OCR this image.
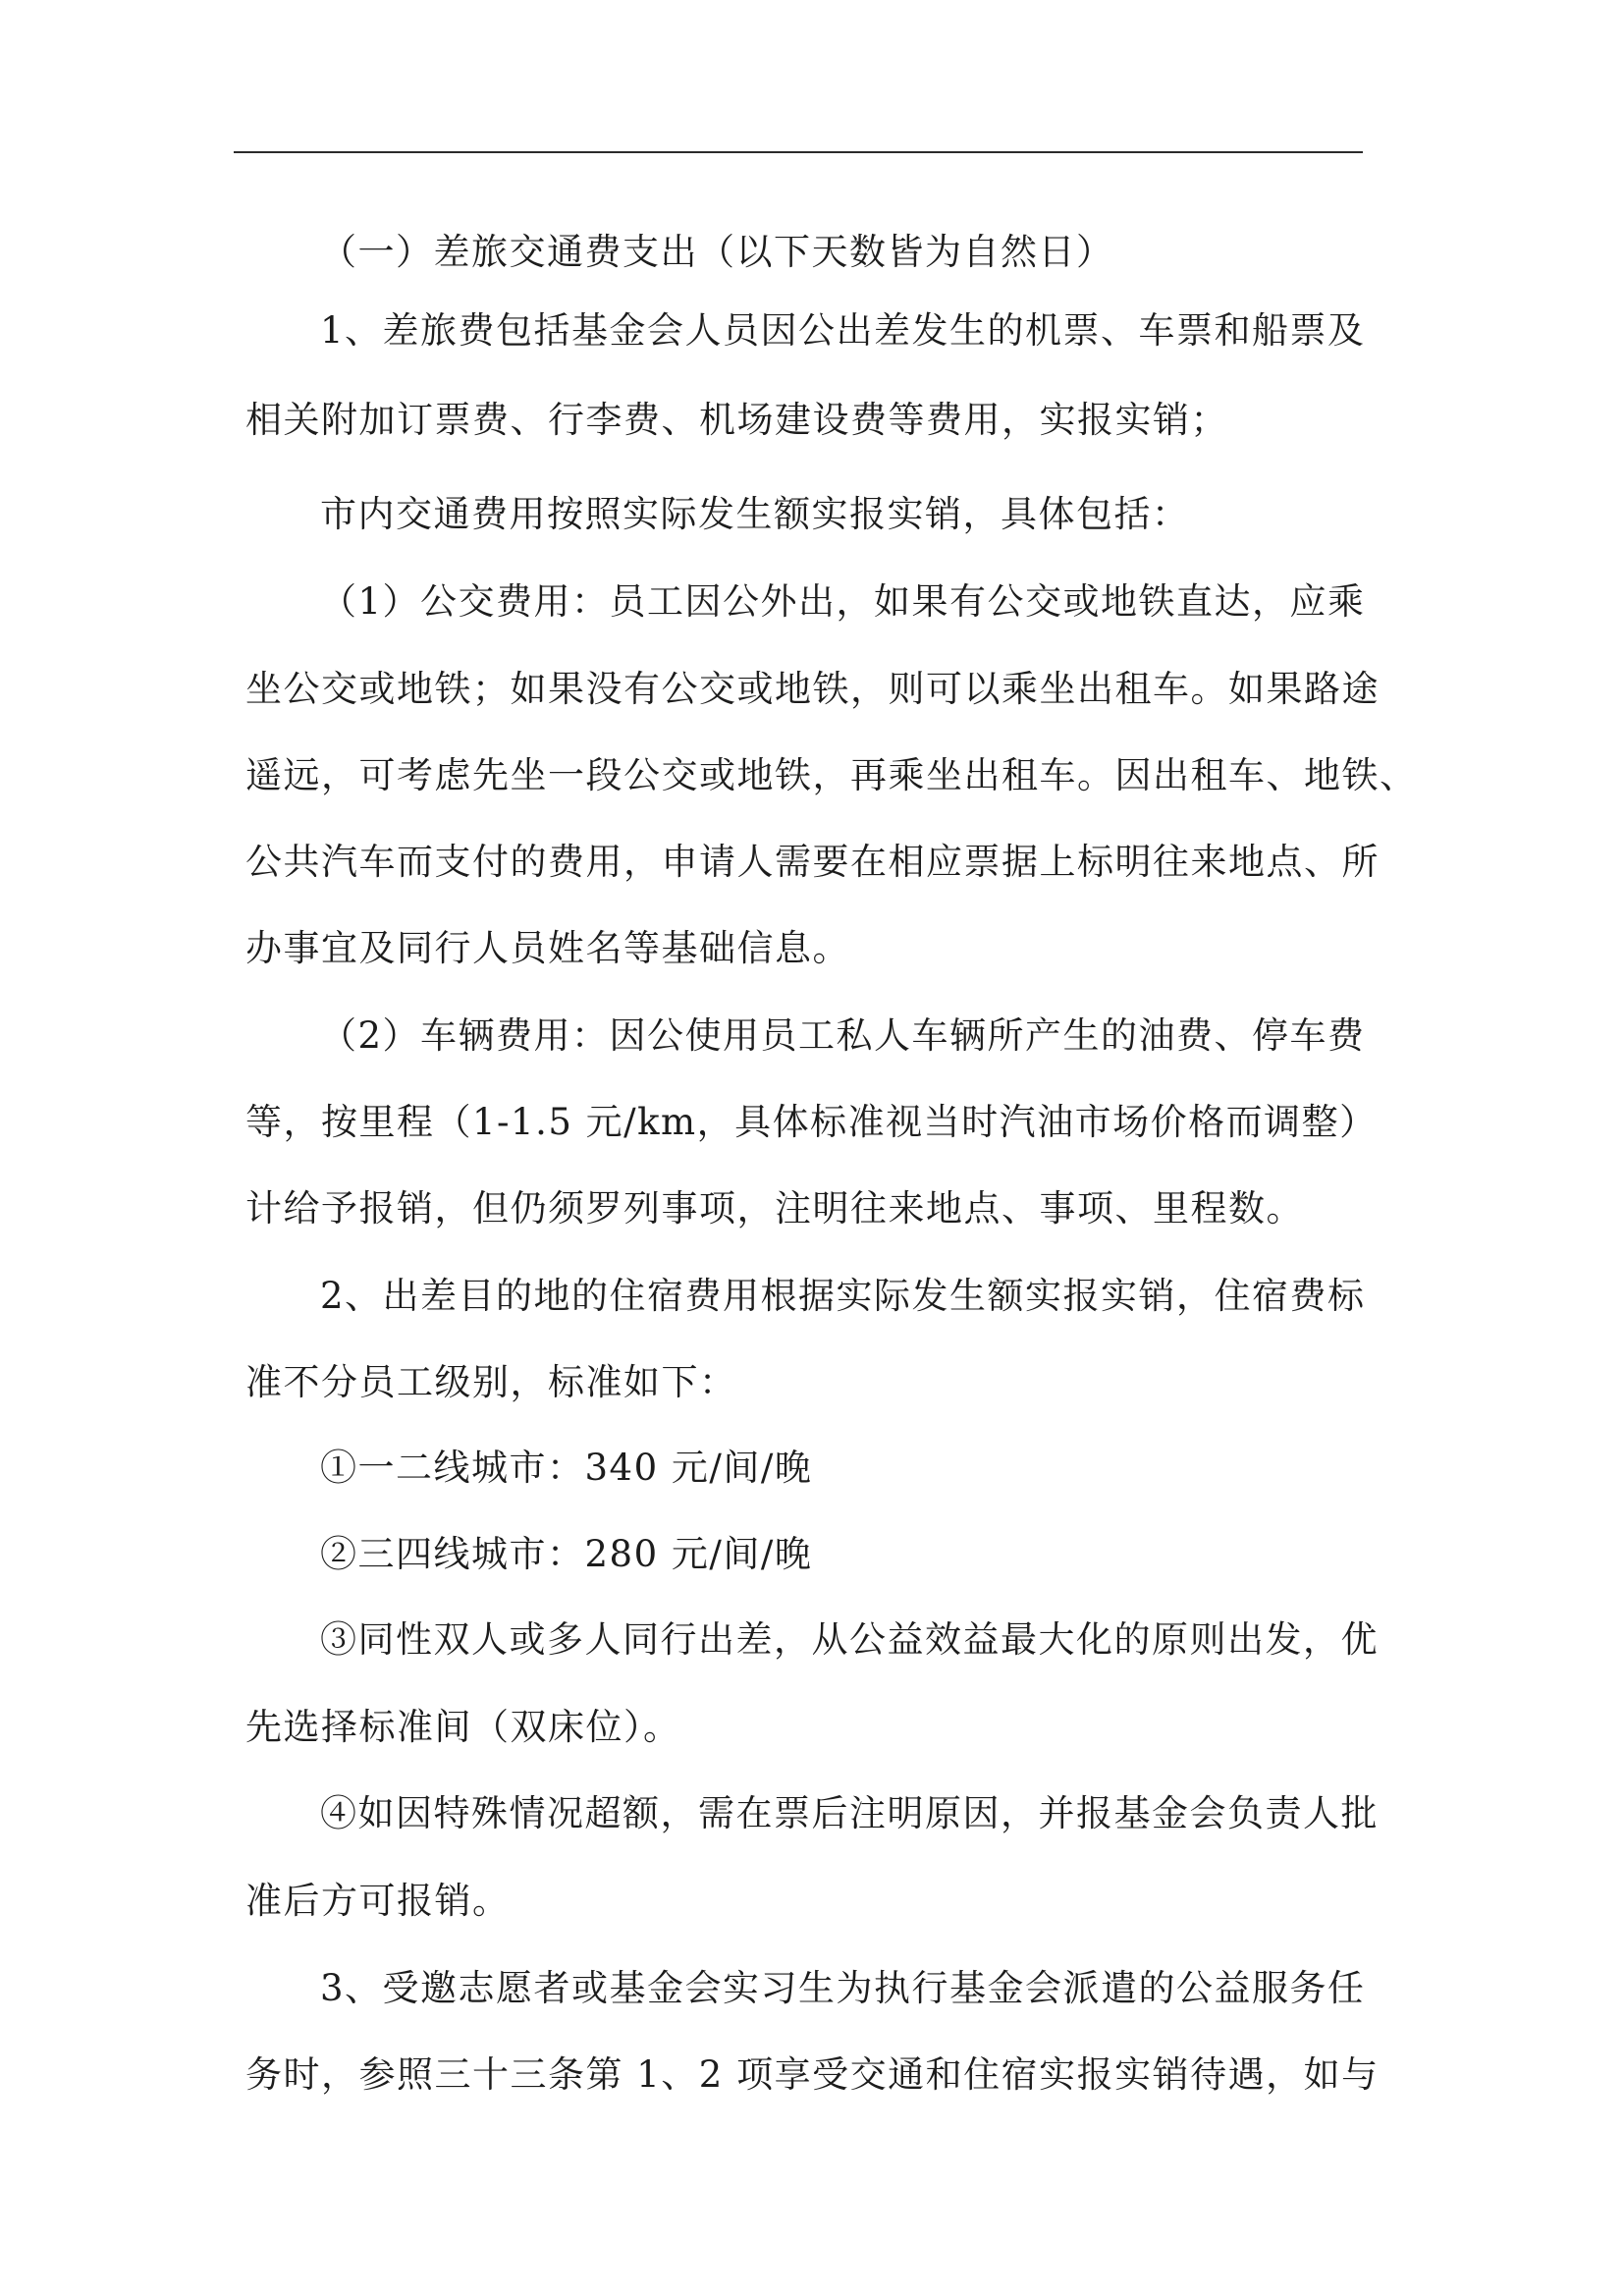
（一）差旅交通费支出（以下天数皆为自然日）
1、差旅费包括基金会人员因公出差发生的机票、车票和船票及
相关附加订票费、行李费、机场建设费等费用，实报实销；
市内交通费用按照实际发生额实报实销，具体包括：
（1）公交费用：员工因公外出，如果有公交或地铁直达，应乘
坐公交或地铁；如果没有公交或地铁，则可以乘坐出租车。如果路途
遥远，可考虑先坐一段公交或地铁，再乘坐出租车。因出租车、地铁、
公共汽车而支付的费用，申请人需要在相应票据上标明往来地点、所
办事宜及同行人员姓名等基础信息。
（2）车辆费用：因公使用员工私人车辆所产生的油费、停车费
等，按里程（1-1.5 元/km，具体标准视当时汽油市场价格而调整）
计给予报销，但仍须罗列事项，注明往来地点、事项、里程数。
2、出差目的地的住宿费用根据实际发生额实报实销，住宿费标
准不分员工级别，标准如下：
①一二线城市：340 元/间/晚
②三四线城市：280 元/间/晚
③同性双人或多人同行出差，从公益效益最大化的原则出发，优
先选择标准间（双床位）。
④如因特殊情况超额，需在票后注明原因，并报基金会负责人批
准后方可报销。
3、受邀志愿者或基金会实习生为执行基金会派遣的公益服务任
务时，参照三十三条第 1、2 项享受交通和住宿实报实销待遇，如与
